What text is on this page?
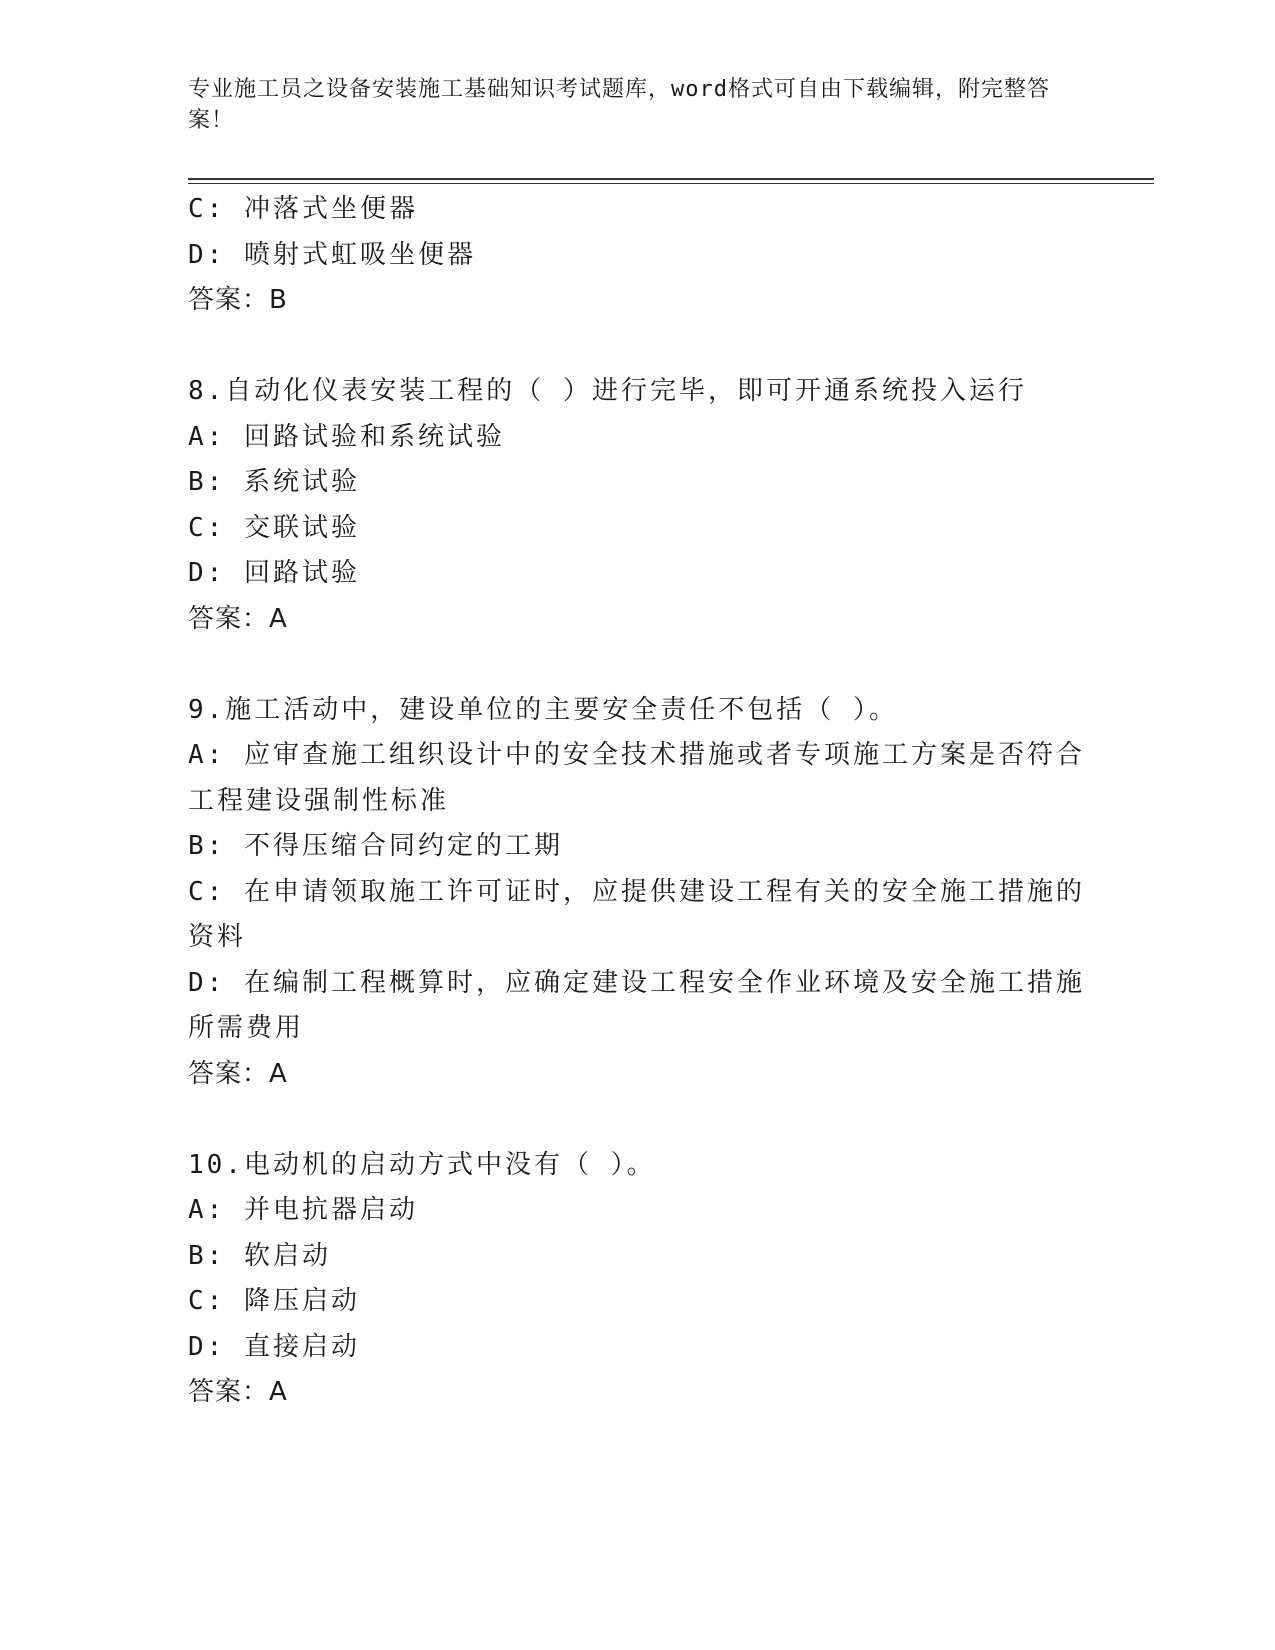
专业施工员之设备安装施工基础知识考试题库，word格式可自由下载编辑，附完整答案！
C: 冲落式坐便器
D: 喷射式虹吸坐便器
答案：B
8.自动化仪表安装工程的（ ）进行完毕，即可开通系统投入运行
A: 回路试验和系统试验
B: 系统试验
C: 交联试验
D: 回路试验
答案：A
9.施工活动中，建设单位的主要安全责任不包括（ ）。
A: 应审查施工组织设计中的安全技术措施或者专项施工方案是否符合工程建设强制性标准
B: 不得压缩合同约定的工期
C: 在申请领取施工许可证时，应提供建设工程有关的安全施工措施的资料
D: 在编制工程概算时，应确定建设工程安全作业环境及安全施工措施所需费用
答案：A
10.电动机的启动方式中没有（ ）。
A: 并电抗器启动
B: 软启动
C: 降压启动
D: 直接启动
答案：A
